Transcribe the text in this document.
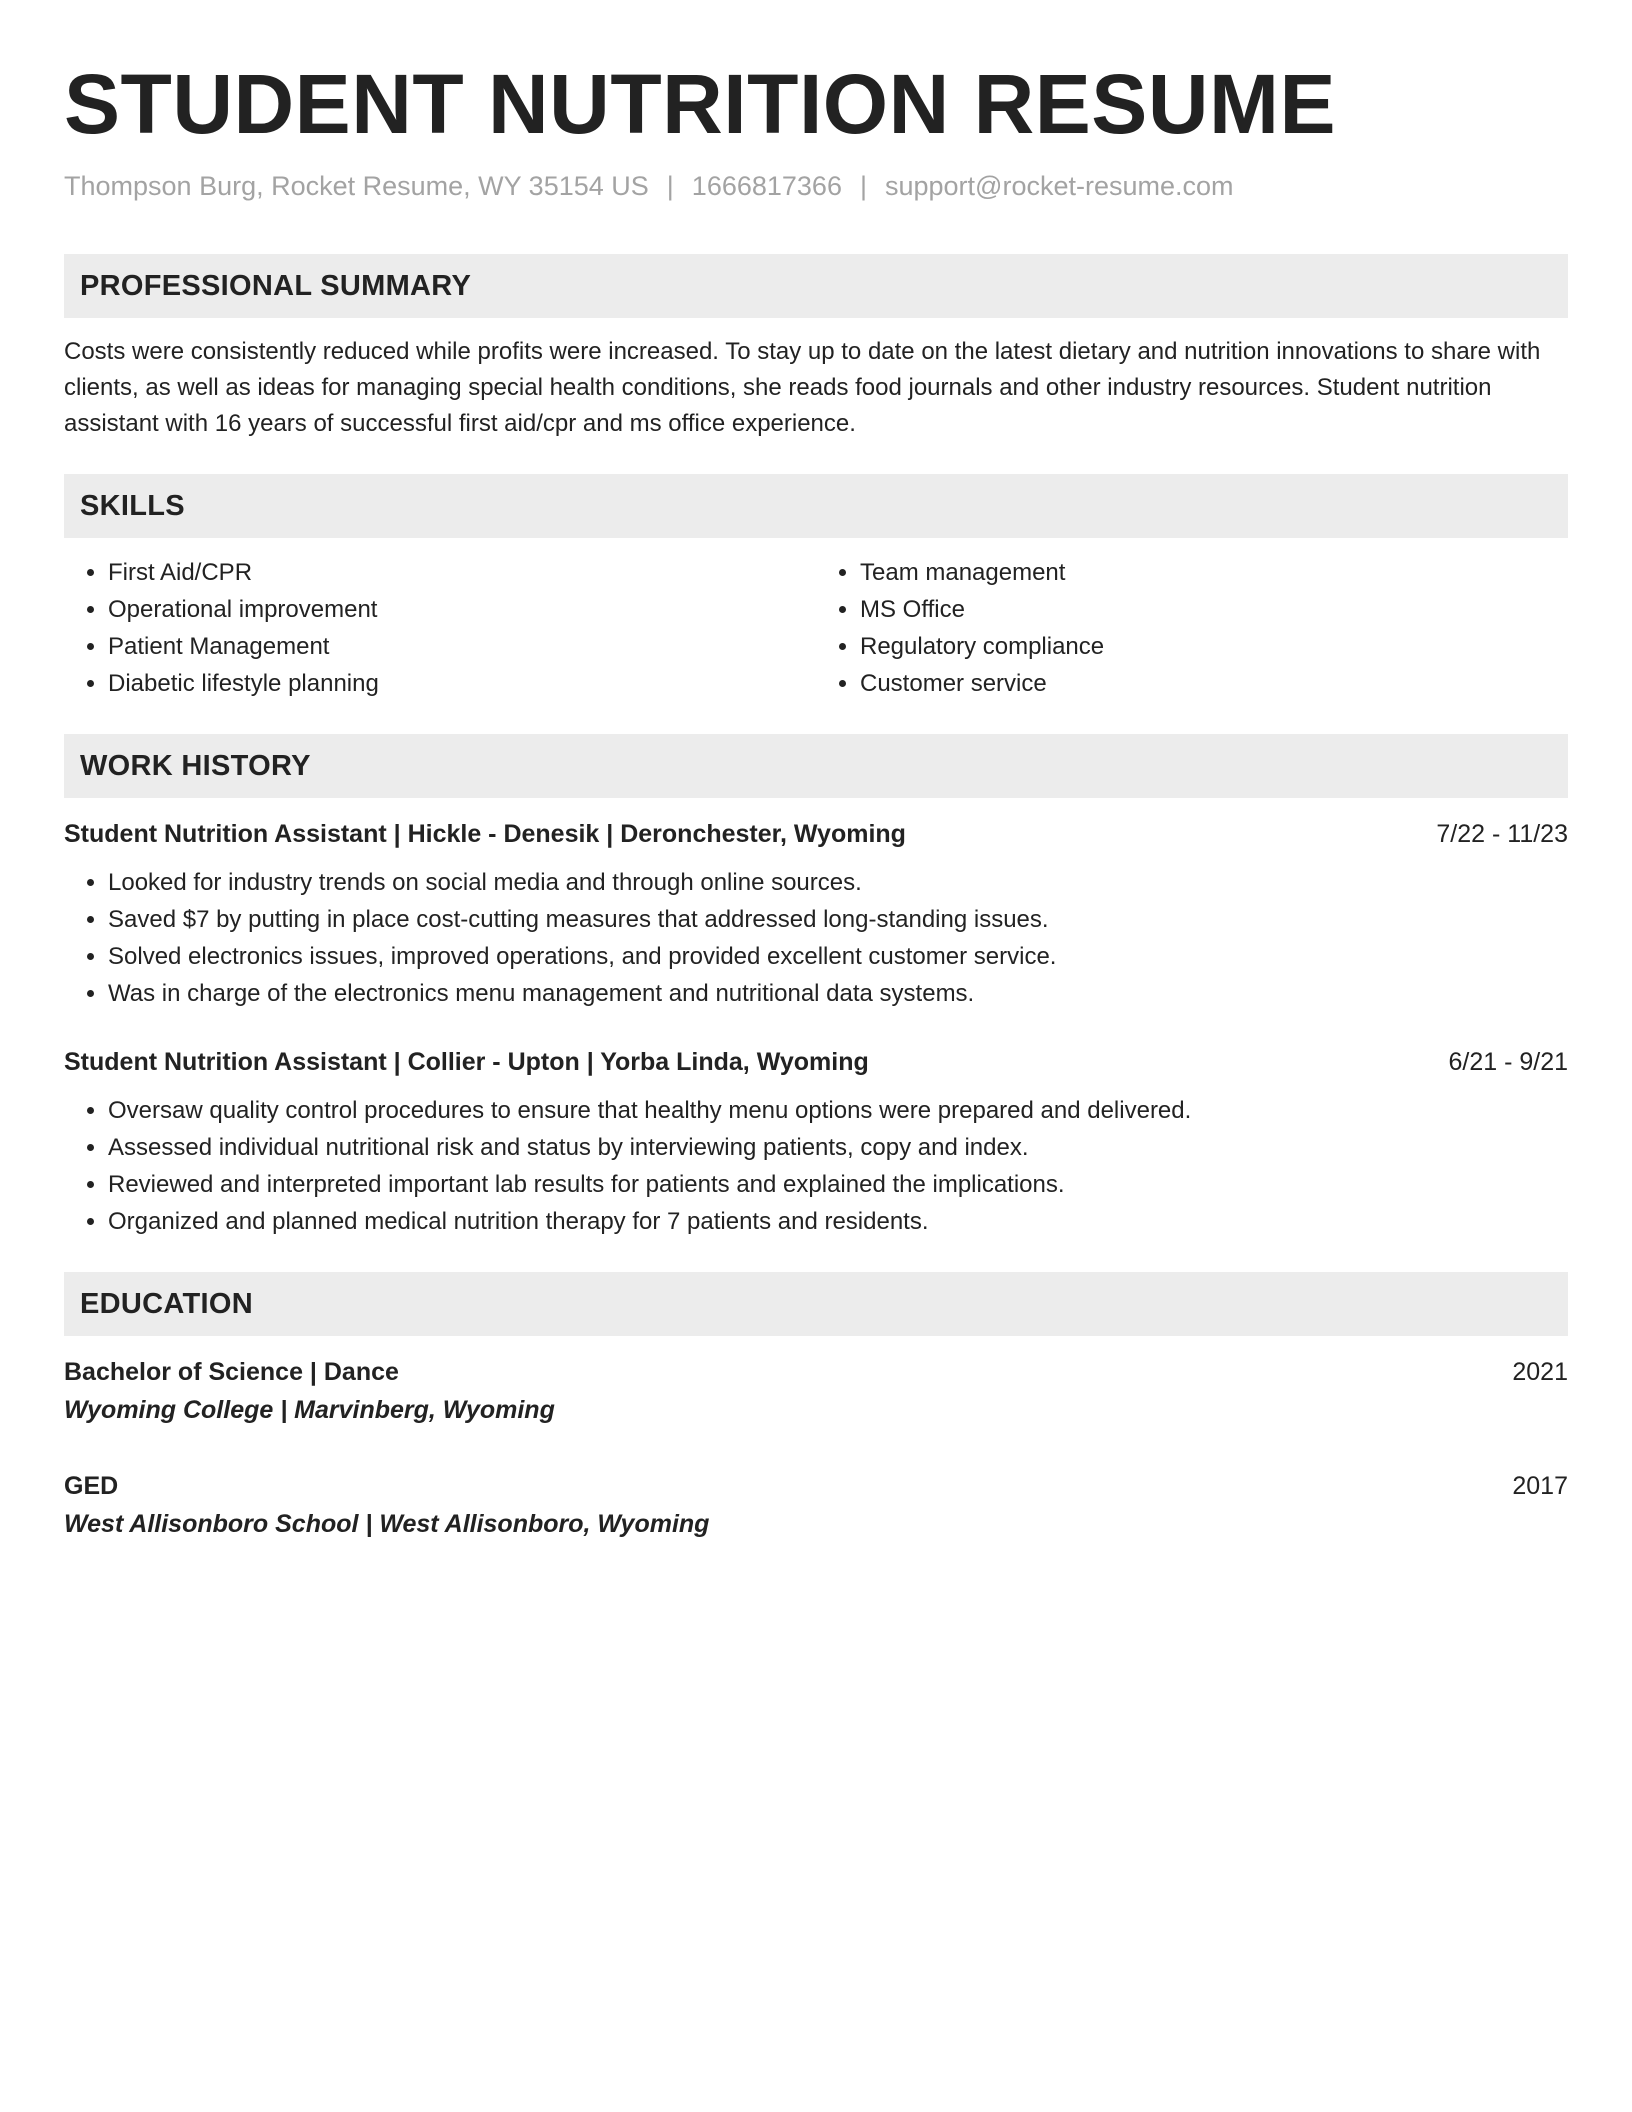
STUDENT NUTRITION RESUME
Thompson Burg, Rocket Resume, WY 35154 US | 1666817366 | support@rocket-resume.com
PROFESSIONAL SUMMARY
Costs were consistently reduced while profits were increased. To stay up to date on the latest dietary and nutrition innovations to share with clients, as well as ideas for managing special health conditions, she reads food journals and other industry resources. Student nutrition assistant with 16 years of successful first aid/cpr and ms office experience.
SKILLS
• First Aid/CPR
• Operational improvement
• Patient Management
• Diabetic lifestyle planning
• Team management
• MS Office
• Regulatory compliance
• Customer service
WORK HISTORY
Student Nutrition Assistant | Hickle - Denesik | Deronchester, Wyoming	7/22 - 11/23
• Looked for industry trends on social media and through online sources.
• Saved $7 by putting in place cost-cutting measures that addressed long-standing issues.
• Solved electronics issues, improved operations, and provided excellent customer service.
• Was in charge of the electronics menu management and nutritional data systems.
Student Nutrition Assistant | Collier - Upton | Yorba Linda, Wyoming	6/21 - 9/21
• Oversaw quality control procedures to ensure that healthy menu options were prepared and delivered.
• Assessed individual nutritional risk and status by interviewing patients, copy and index.
• Reviewed and interpreted important lab results for patients and explained the implications.
• Organized and planned medical nutrition therapy for 7 patients and residents.
EDUCATION
Bachelor of Science | Dance	2021
Wyoming College | Marvinberg, Wyoming
GED	2017
West Allisonboro School | West Allisonboro, Wyoming
